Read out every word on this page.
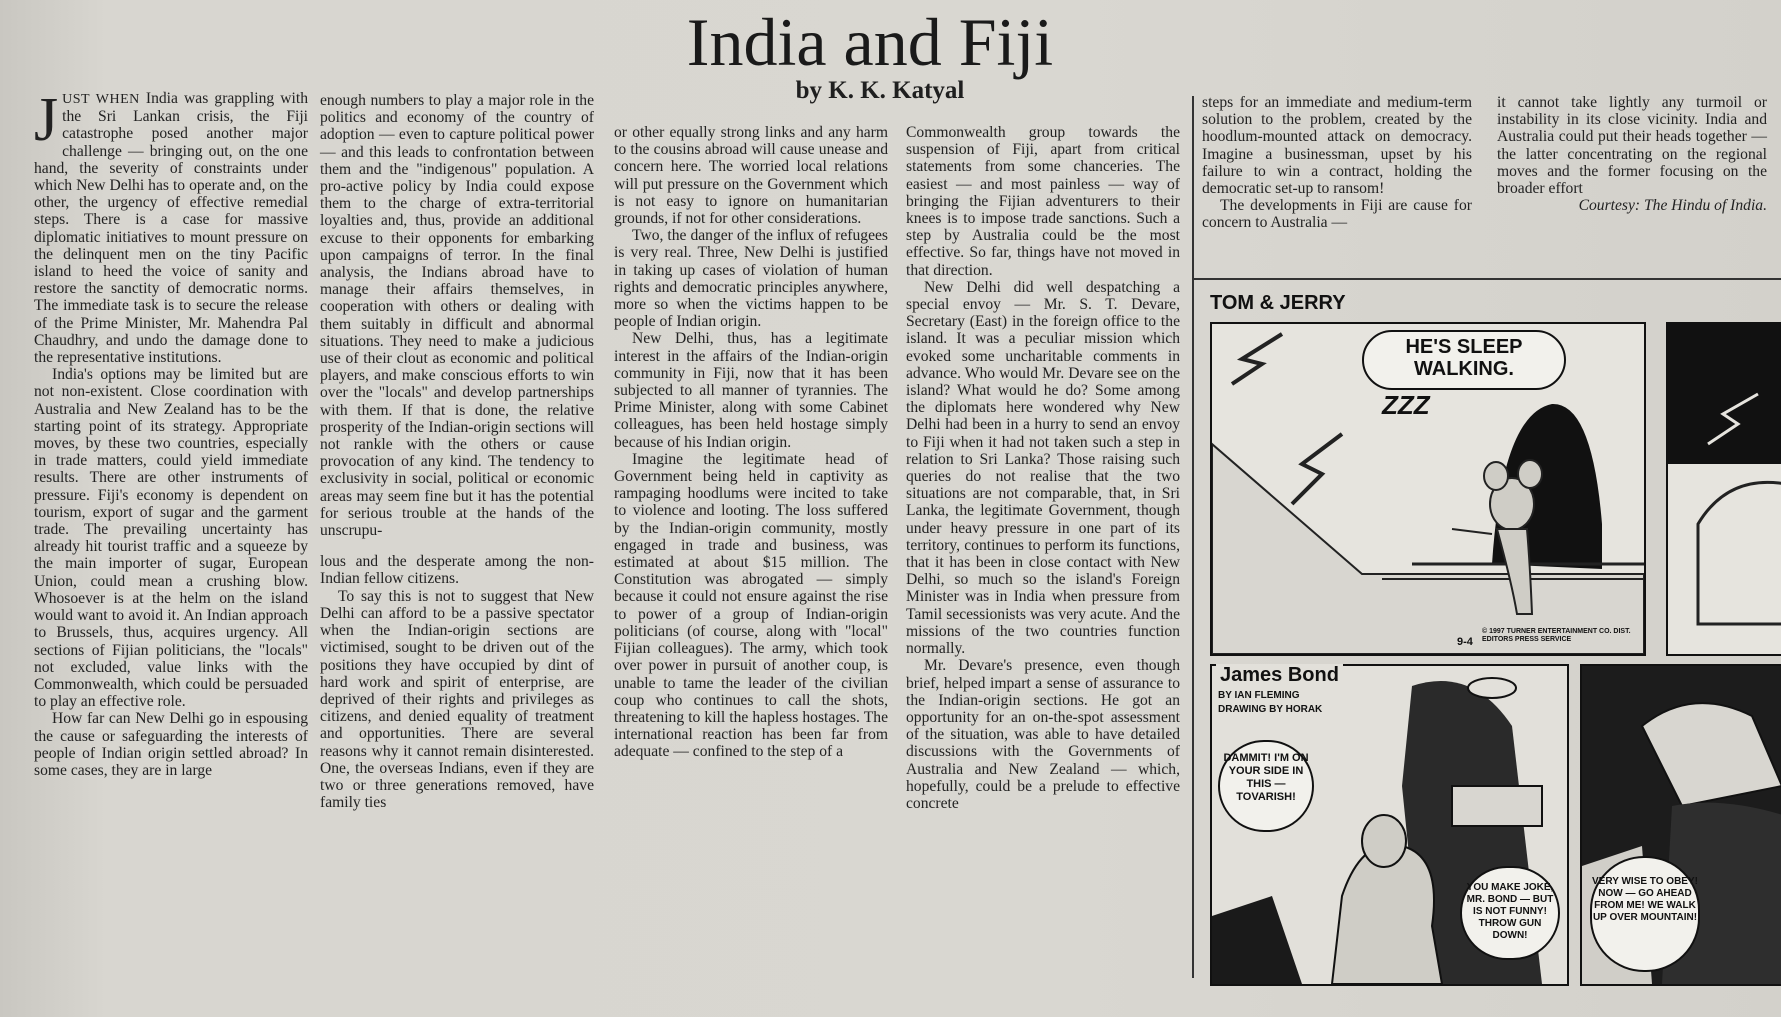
India and Fiji
by K. K. Katyal

JUST WHEN India was grappling with the Sri Lankan crisis, the Fiji catastrophe posed another major challenge — bringing out, on the one hand, the severity of constraints under which New Delhi has to operate and, on the other, the urgency of effective remedial steps. There is a case for massive diplomatic initiatives to mount pressure on the delinquent men on the tiny Pacific island to heed the voice of sanity and restore the sanctity of democratic norms. The immediate task is to secure the release of the Prime Minister, Mr. Mahendra Pal Chaudhry, and undo the damage done to the representative institutions.

India's options may be limited but are not non-existent. Close coordination with Australia and New Zealand has to be the starting point of its strategy. Appropriate moves, by these two countries, especially in trade matters, could yield immediate results. There are other instruments of pressure. Fiji's economy is dependent on tourism, export of sugar and the garment trade. The prevailing uncertainty has already hit tourist traffic and a squeeze by the main importer of sugar, European Union, could mean a crushing blow. Whosoever is at the helm on the island would want to avoid it. An Indian approach to Brussels, thus, acquires urgency. All sections of Fijian politicians, the "locals" not excluded, value links with the Commonwealth, which could be persuaded to play an effective role.

How far can New Delhi go in espousing the cause or safeguarding the interests of people of Indian origin settled abroad? In some cases, they are in large

enough numbers to play a major role in the politics and economy of the country of adoption — even to capture political power — and this leads to confrontation between them and the "indigenous" population. A pro-active policy by India could expose them to the charge of extra-territorial loyalties and, thus, provide an additional excuse to their opponents for embarking upon campaigns of terror. In the final analysis, the Indians abroad have to manage their affairs themselves, in cooperation with others or dealing with them suitably in difficult and abnormal situations. They need to make a judicious use of their clout as economic and political players, and make conscious efforts to win over the "locals" and develop partnerships with them. If that is done, the relative prosperity of the Indian-origin sections will not rankle with the others or cause provocation of any kind. The tendency to exclusivity in social, political or economic areas may seem fine but it has the potential for serious trouble at the hands of the unscrupu-

lous and the desperate among the non-Indian fellow citizens.

To say this is not to suggest that New Delhi can afford to be a passive spectator when the Indian-origin sections are victimised, sought to be driven out of the positions they have occupied by dint of hard work and spirit of enterprise, are deprived of their rights and privileges as citizens, and denied equality of treatment and opportunities. There are several reasons why it cannot remain disinterested. One, the overseas Indians, even if they are two or three generations removed, have family ties

or other equally strong links and any harm to the cousins abroad will cause unease and concern here. The worried local relations will put pressure on the Government which is not easy to ignore on humanitarian grounds, if not for other considerations.

Two, the danger of the influx of refugees is very real. Three, New Delhi is justified in taking up cases of violation of human rights and democratic principles anywhere, more so when the victims happen to be people of Indian origin.

New Delhi, thus, has a legitimate interest in the affairs of the Indian-origin community in Fiji, now that it has been subjected to all manner of tyrannies. The Prime Minister, along with some Cabinet colleagues, has been held hostage simply because of his Indian origin.

Imagine the legitimate head of Government being held in captivity as rampaging hoodlums were incited to take to violence and looting. The loss suffered by the Indian-origin community, mostly engaged in trade and business, was estimated at about $15 million. The Constitution was abrogated — simply because it could not ensure against the rise to power of a group of Indian-origin politicians (of course, along with "local" Fijian colleagues). The army, which took over power in pursuit of another coup, is unable to tame the leader of the civilian coup who continues to call the shots, threatening to kill the hapless hostages. The international reaction has been far from adequate — confined to the step of a

Commonwealth group towards the suspension of Fiji, apart from critical statements from some chanceries. The easiest — and most painless — way of bringing the Fijian adventurers to their knees is to impose trade sanctions. Such a step by Australia could be the most effective. So far, things have not moved in that direction.

New Delhi did well despatching a special envoy — Mr. S. T. Devare, Secretary (East) in the foreign office to the island. It was a peculiar mission which evoked some uncharitable comments in advance. Who would Mr. Devare see on the island? What would he do? Some among the diplomats here wondered why New Delhi had been in a hurry to send an envoy to Fiji when it had not taken such a step in relation to Sri Lanka? Those raising such queries do not realise that the two situations are not comparable, that, in Sri Lanka, the legitimate Government, though under heavy pressure in one part of its territory, continues to perform its functions, that it has been in close contact with New Delhi, so much so the island's Foreign Minister was in India when pressure from Tamil secessionists was very acute. And the missions of the two countries function normally.

Mr. Devare's presence, even though brief, helped impart a sense of assurance to the Indian-origin sections. He got an opportunity for an on-the-spot assessment of the situation, was able to have detailed discussions with the Governments of Australia and New Zealand — which, hopefully, could be a prelude to effective concrete

steps for an immediate and medium-term solution to the problem, created by the hoodlum-mounted attack on democracy. Imagine a businessman, upset by his failure to win a contract, holding the democratic set-up to ransom!

The developments in Fiji are cause for concern to Australia —

it cannot take lightly any turmoil or instability in its close vicinity. India and Australia could put their heads together — the latter concentrating on the regional moves and the former focusing on the broader effort

Courtesy: The Hindu of India.

TOM & JERRY
HE'S SLEEP WALKING.
ZZZ
9-4
© 1997 TURNER ENTERTAINMENT CO. DIST. EDITORS PRESS SERVICE
DAMMIT! I'M ON YOUR SIDE IN THIS — TOVARISH!
YOU MAKE JOKE, MR. BOND — BUT IS NOT FUNNY! THROW GUN DOWN!
James Bond
BY IAN FLEMING
DRAWING BY HORAK
VERY WISE TO OBEY! NOW — GO AHEAD FROM ME! WE WALK UP OVER MOUNTAIN!
